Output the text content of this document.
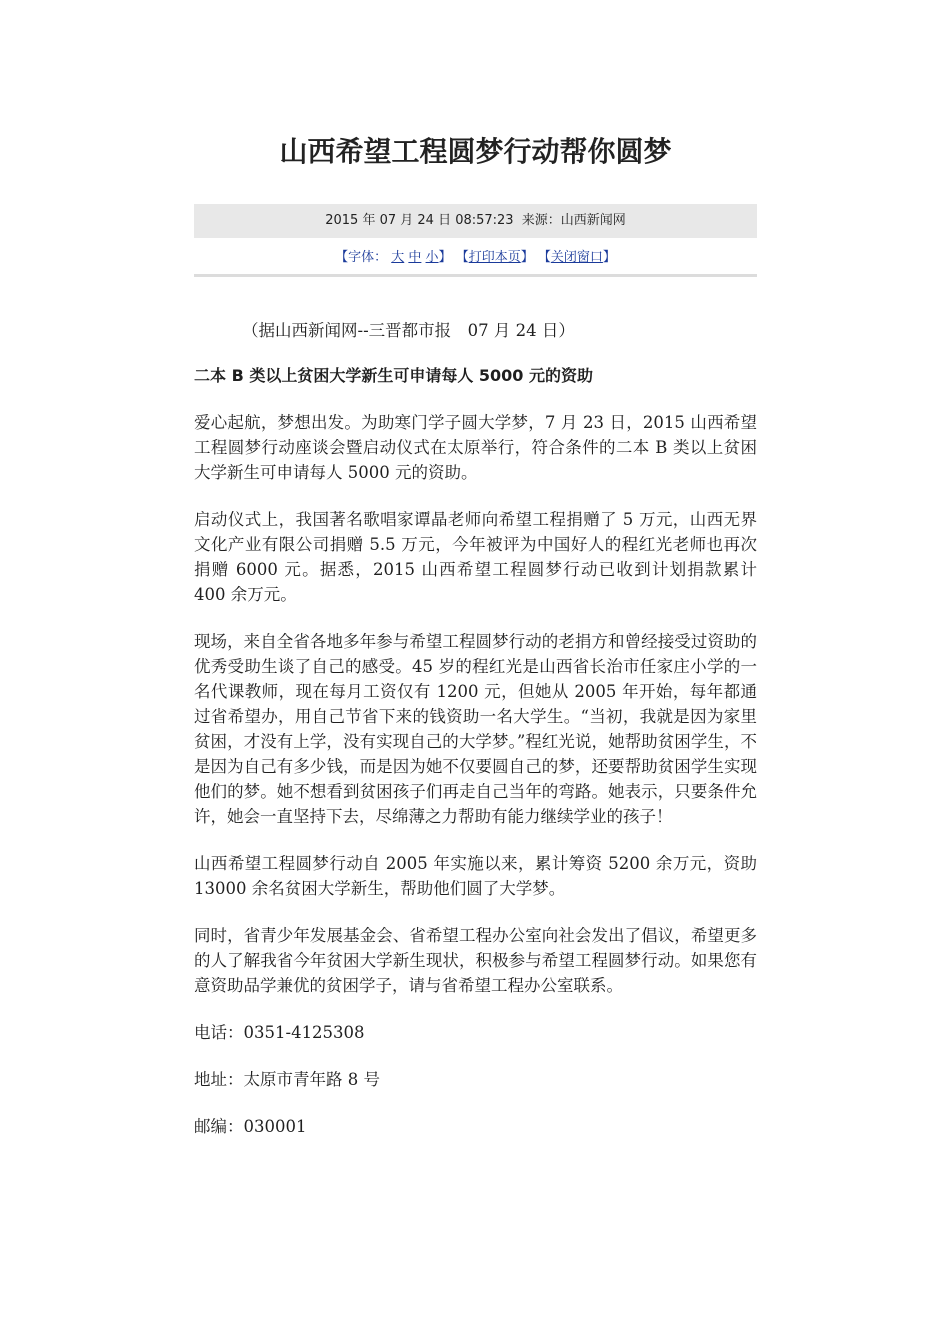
山西希望工程圆梦行动帮你圆梦
2015 年 07 月 24 日 08:57:23 来源：山西新闻网
【字体： 大 中 小】 【打印本页】 【关闭窗口】

（据山西新闻网--三晋都市报　07 月 24 日）

二本 B 类以上贫困大学新生可申请每人 5000 元的资助

爱心起航，梦想出发。为助寒门学子圆大学梦，7 月 23 日，2015 山西希望工程圆梦行动座谈会暨启动仪式在太原举行，符合条件的二本 B 类以上贫困大学新生可申请每人 5000 元的资助。

启动仪式上，我国著名歌唱家谭晶老师向希望工程捐赠了 5 万元，山西无界文化产业有限公司捐赠 5.5 万元，今年被评为中国好人的程红光老师也再次捐赠 6000 元。据悉，2015 山西希望工程圆梦行动已收到计划捐款累计 400 余万元。

现场，来自全省各地多年参与希望工程圆梦行动的老捐方和曾经接受过资助的优秀受助生谈了自己的感受。45 岁的程红光是山西省长治市任家庄小学的一名代课教师，现在每月工资仅有 1200 元，但她从 2005 年开始，每年都通过省希望办，用自己节省下来的钱资助一名大学生。“当初，我就是因为家里贫困，才没有上学，没有实现自己的大学梦。”程红光说，她帮助贫困学生，不是因为自己有多少钱，而是因为她不仅要圆自己的梦，还要帮助贫困学生实现他们的梦。她不想看到贫困孩子们再走自己当年的弯路。她表示，只要条件允许，她会一直坚持下去，尽绵薄之力帮助有能力继续学业的孩子！

山西希望工程圆梦行动自 2005 年实施以来，累计筹资 5200 余万元，资助 13000 余名贫困大学新生，帮助他们圆了大学梦。

同时，省青少年发展基金会、省希望工程办公室向社会发出了倡议，希望更多的人了解我省今年贫困大学新生现状，积极参与希望工程圆梦行动。如果您有意资助品学兼优的贫困学子，请与省希望工程办公室联系。

电话：0351-4125308

地址：太原市青年路 8 号

邮编：030001
